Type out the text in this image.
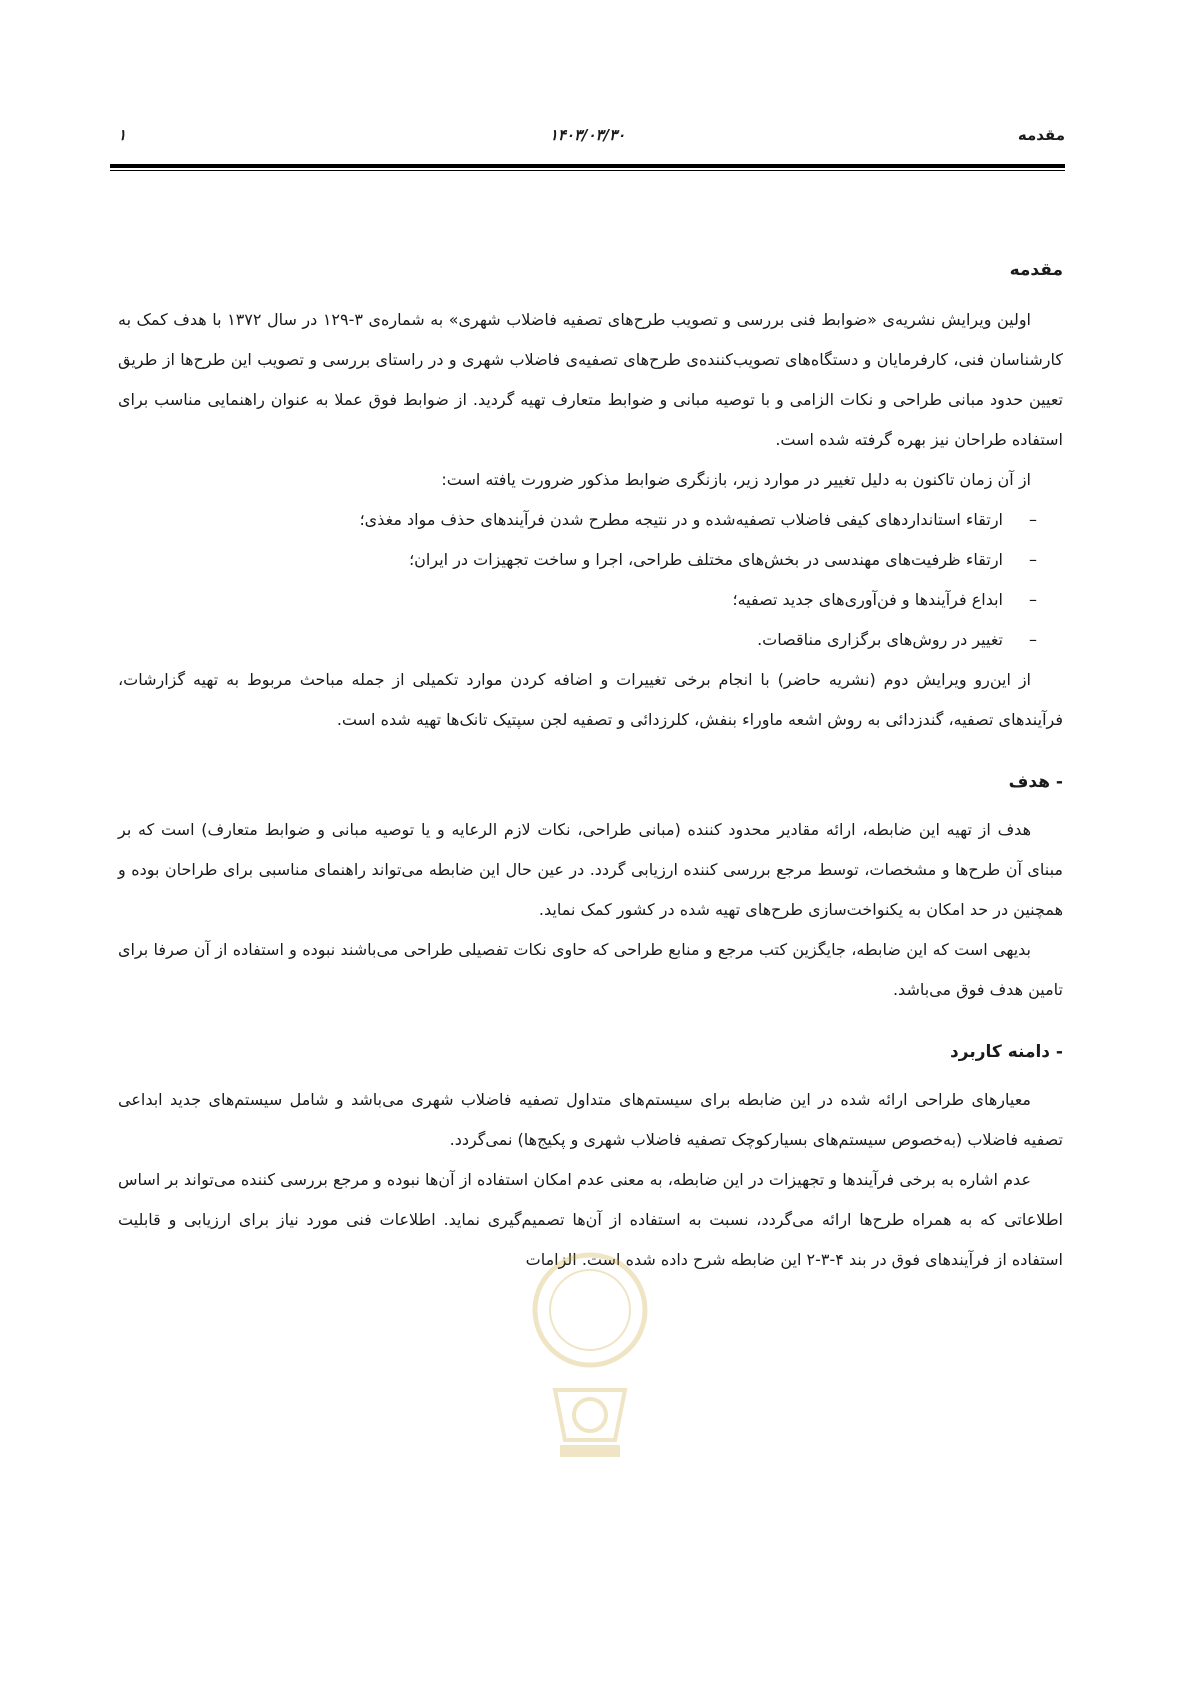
۱	۱۴۰۳/۰۳/۳۰	مقدمه
مقدمه

اولین ویرایش نشریه‌ی «ضوابط فنی بررسی و تصویب طرح‌های تصفیه فاضلاب شهری» به شماره‌ی ۳-۱۲۹ در سال ۱۳۷۲ با هدف کمک به کارشناسان فنی، کارفرمایان و دستگاه‌های تصویب‌کننده‌ی طرح‌های تصفیه‌ی فاضلاب شهری و در راستای بررسی و تصویب این طرح‌ها از طریق تعیین حدود مبانی طراحی و نکات الزامی و با توصیه مبانی و ضوابط متعارف تهیه گردید. از ضوابط فوق عملا به عنوان راهنمایی مناسب برای استفاده طراحان نیز بهره گرفته شده است.

از آن زمان تاکنون به دلیل تغییر در موارد زیر، بازنگری ضوابط مذکور ضرورت یافته است:

–
ارتقاء استانداردهای کیفی فاضلاب تصفیه‌شده و در نتیجه مطرح شدن فرآیندهای حذف مواد مغذی؛
–
ارتقاء ظرفیت‌های مهندسی در بخش‌های مختلف طراحی، اجرا و ساخت تجهیزات در ایران؛
–
ابداع فرآیندها و فن‌آوری‌های جدید تصفیه؛
–
تغییر در روش‌های برگزاری مناقصات.

از این‌رو ویرایش دوم (نشریه حاضر) با انجام برخی تغییرات و اضافه کردن موارد تکمیلی از جمله مباحث مربوط به تهیه گزارشات، فرآیندهای تصفیه، گندزدائی به روش اشعه ماوراء بنفش، کلرزدائی و تصفیه لجن سپتیک تانک‌ها تهیه شده است.

- هدف

هدف از تهیه این ضابطه، ارائه مقادیر محدود کننده (مبانی طراحی، نکات لازم الرعایه و یا توصیه مبانی و ضوابط متعارف) است که بر مبنای آن طرح‌ها و مشخصات، توسط مرجع بررسی کننده ارزیابی گردد. در عین حال این ضابطه می‌تواند راهنمای مناسبی برای طراحان بوده و همچنین در حد امکان به یکنواخت‌سازی طرح‌های تهیه شده در کشور کمک نماید.

بدیهی است که این ضابطه، جایگزین کتب مرجع و منابع طراحی که حاوی نکات تفصیلی طراحی می‌باشند نبوده و استفاده از آن صرفا برای تامین هدف فوق می‌باشد.

- دامنه کاربرد

معیارهای طراحی ارائه شده در این ضابطه برای سیستم‌های متداول تصفیه فاضلاب شهری می‌باشد و شامل سیستم‌های جدید ابداعی تصفیه فاضلاب (به‌خصوص سیستم‌های بسیارکوچک تصفیه فاضلاب شهری و پکیج‌ها) نمی‌گردد.

عدم اشاره به برخی فرآیندها و تجهیزات در این ضابطه، به معنی عدم امکان استفاده از آن‌ها نبوده و مرجع بررسی کننده می‌تواند بر اساس اطلاعاتی که به همراه طرح‌ها ارائه می‌گردد، نسبت به استفاده از آن‌ها تصمیم‌گیری نماید. اطلاعات فنی مورد نیاز برای ارزیابی و قابلیت استفاده از فرآیندهای فوق در بند ۴-۳-۲ این ضابطه شرح داده شده است. الزامات
